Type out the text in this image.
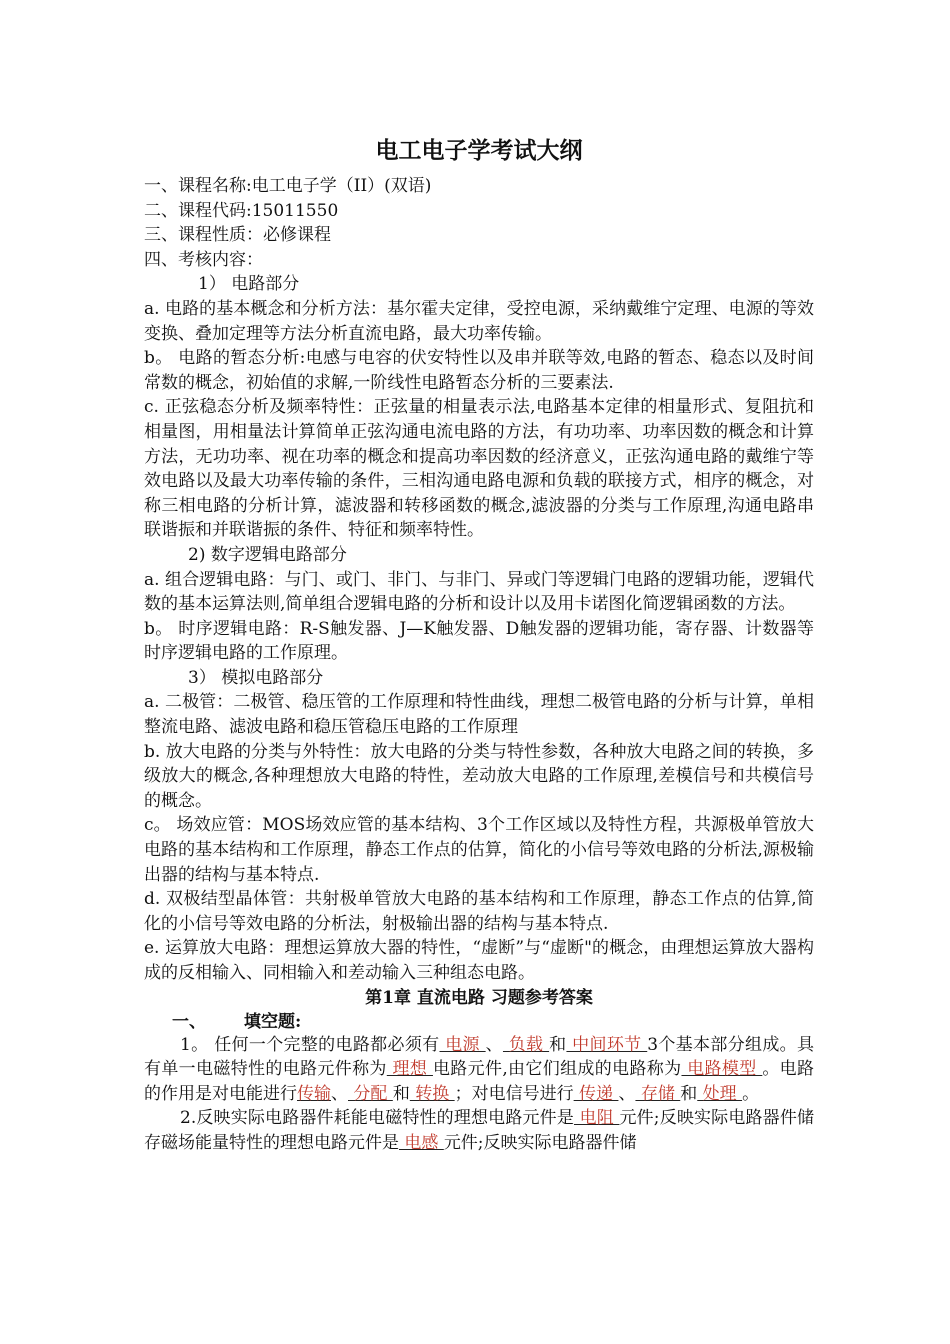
电工电子学考试大纲

一、课程名称:电工电子学（II）(双语)

二、课程代码:15011550

三、课程性质：必修课程

四、考核内容：

1） 电路部分

a. 电路的基本概念和分析方法：基尔霍夫定律，受控电源，采纳戴维宁定理、电源的等效变换、叠加定理等方法分析直流电路，最大功率传输。

b。 电路的暂态分析:电感与电容的伏安特性以及串并联等效,电路的暂态、稳态以及时间常数的概念，初始值的求解,一阶线性电路暂态分析的三要素法.

c. 正弦稳态分析及频率特性：正弦量的相量表示法,电路基本定律的相量形式、复阻抗和相量图，用相量法计算简单正弦沟通电流电路的方法，有功功率、功率因数的概念和计算方法，无功功率、视在功率的概念和提高功率因数的经济意义，正弦沟通电路的戴维宁等效电路以及最大功率传输的条件，三相沟通电路电源和负载的联接方式，相序的概念，对称三相电路的分析计算，滤波器和转移函数的概念,滤波器的分类与工作原理,沟通电路串联谐振和并联谐振的条件、特征和频率特性。

2) 数字逻辑电路部分

a. 组合逻辑电路：与门、或门、非门、与非门、异或门等逻辑门电路的逻辑功能，逻辑代数的基本运算法则,简单组合逻辑电路的分析和设计以及用卡诺图化简逻辑函数的方法。

b。 时序逻辑电路：R-S触发器、J—K触发器、D触发器的逻辑功能，寄存器、计数器等时序逻辑电路的工作原理。

3） 模拟电路部分

a. 二极管：二极管、稳压管的工作原理和特性曲线，理想二极管电路的分析与计算，单相整流电路、滤波电路和稳压管稳压电路的工作原理

b. 放大电路的分类与外特性：放大电路的分类与特性参数，各种放大电路之间的转换，多级放大的概念,各种理想放大电路的特性，差动放大电路的工作原理,差模信号和共模信号的概念。

c。 场效应管：MOS场效应管的基本结构、3个工作区域以及特性方程，共源极单管放大电路的基本结构和工作原理，静态工作点的估算，简化的小信号等效电路的分析法,源极输出器的结构与基本特点.

d. 双极结型晶体管：共射极单管放大电路的基本结构和工作原理，静态工作点的估算,简化的小信号等效电路的分析法，射极输出器的结构与基本特点.

e. 运算放大电路：理想运算放大器的特性，“虚断”与“虚断"的概念，由理想运算放大器构成的反相输入、同相输入和差动输入三种组态电路。

第1章 直流电路 习题参考答案

一、 填空题:

1。 任何一个完整的电路都必须有 电源 、 负载 和 中间环节 3个基本部分组成。具有单一电磁特性的电路元件称为 理想 电路元件,由它们组成的电路称为 电路模型 。电路的作用是对电能进行传输、 分配 和 转换 ；对电信号进行 传递 、 存储 和 处理 。

2.反映实际电路器件耗能电磁特性的理想电路元件是 电阻 元件;反映实际电路器件储存磁场能量特性的理想电路元件是 电感 元件;反映实际电路器件储
